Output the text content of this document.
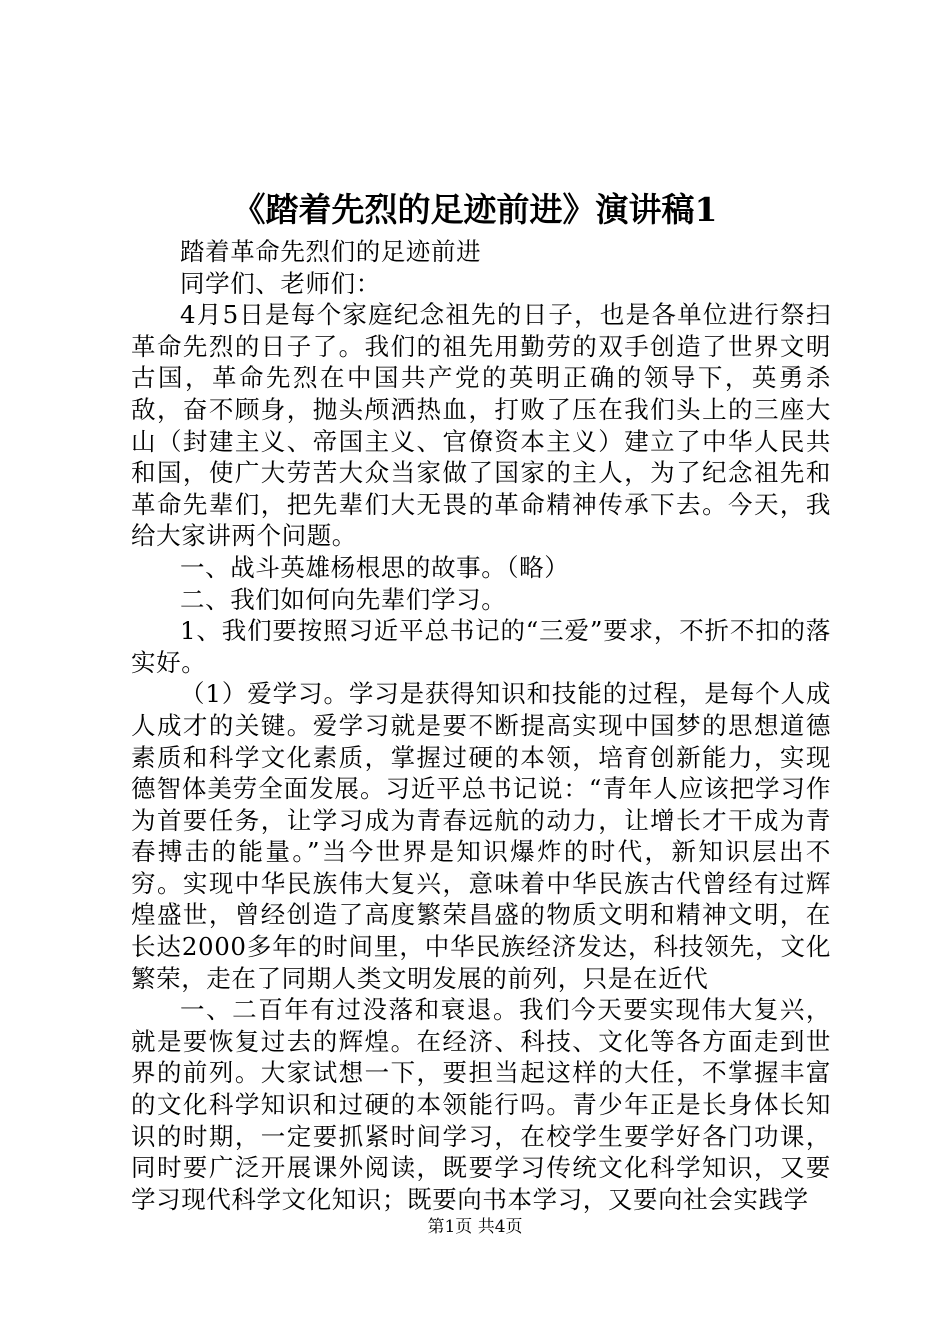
《踏着先烈的足迹前进》演讲稿1

踏着革命先烈们的足迹前进

同学们、老师们：

4月5日是每个家庭纪念祖先的日子，也是各单位进行祭扫革命先烈的日子了。我们的祖先用勤劳的双手创造了世界文明古国，革命先烈在中国共产党的英明正确的领导下，英勇杀敌，奋不顾身，抛头颅洒热血，打败了压在我们头上的三座大山（封建主义、帝国主义、官僚资本主义）建立了中华人民共和国，使广大劳苦大众当家做了国家的主人，为了纪念祖先和革命先辈们，把先辈们大无畏的革命精神传承下去。今天，我给大家讲两个问题。

一、战斗英雄杨根思的故事。（略）

二、我们如何向先辈们学习。

1、我们要按照习近平总书记的“三爱”要求，不折不扣的落实好。

（1）爱学习。学习是获得知识和技能的过程，是每个人成人成才的关键。爱学习就是要不断提高实现中国梦的思想道德素质和科学文化素质，掌握过硬的本领，培育创新能力，实现德智体美劳全面发展。习近平总书记说：“青年人应该把学习作为首要任务，让学习成为青春远航的动力，让增长才干成为青春搏击的能量。”当今世界是知识爆炸的时代，新知识层出不穷。实现中华民族伟大复兴，意味着中华民族古代曾经有过辉煌盛世，曾经创造了高度繁荣昌盛的物质文明和精神文明，在长达2000多年的时间里，中华民族经济发达，科技领先，文化繁荣，走在了同期人类文明发展的前列，只是在近代

一、二百年有过没落和衰退。我们今天要实现伟大复兴，就是要恢复过去的辉煌。在经济、科技、文化等各方面走到世界的前列。大家试想一下，要担当起这样的大任，不掌握丰富的文化科学知识和过硬的本领能行吗。青少年正是长身体长知识的时期，一定要抓紧时间学习，在校学生要学好各门功课，同时要广泛开展课外阅读，既要学习传统文化科学知识，又要学习现代科学文化知识；既要向书本学习，又要向社会实践学

第1页 共4页
